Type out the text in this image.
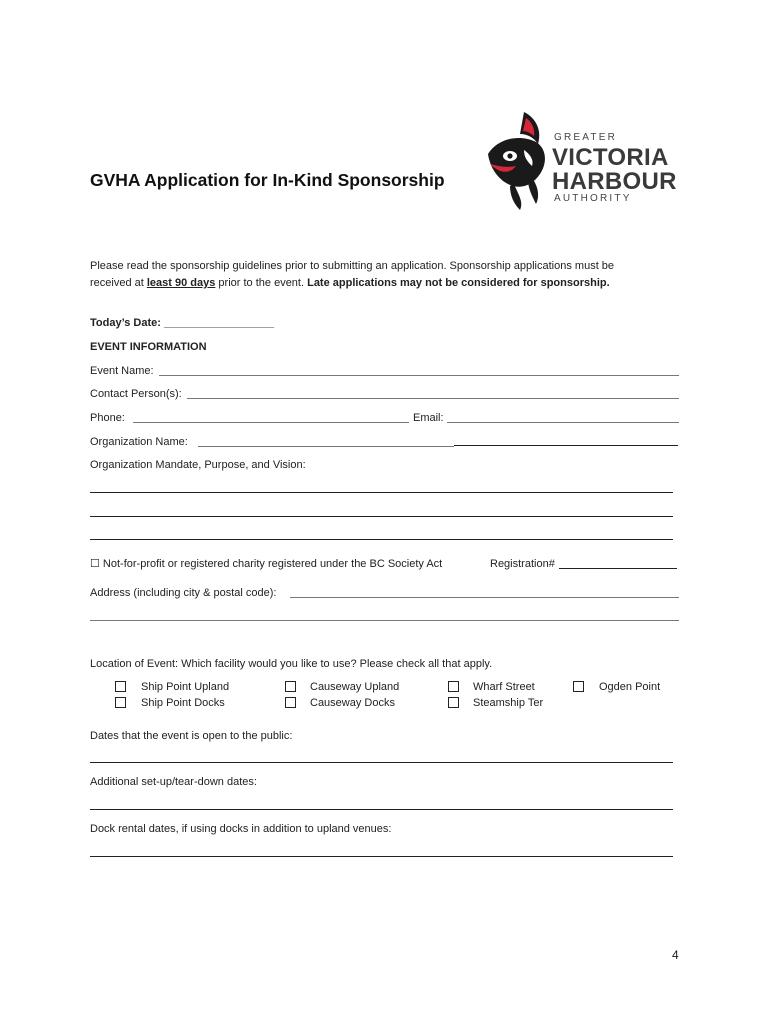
GVHA Application for In-Kind Sponsorship
GREATER
VICTORIA
HARBOUR
AUTHORITY
Please read the sponsorship guidelines prior to submitting an application. Sponsorship applications must be
received at least 90 days prior to the event. Late applications may not be considered for sponsorship.
Today’s Date: __________________
EVENT INFORMATION
Event Name:
Contact Person(s):
Phone:	Email:
Organization Name:
Organization Mandate, Purpose, and Vision:
☐ Not-for-profit or registered charity registered under the BC Society Act	Registration#
Address (including city & postal code):
Location of Event: Which facility would you like to use? Please check all that apply.
Ship Point Upland
Ship Point Docks
Causeway Upland
Causeway Docks
Wharf Street
Steamship Ter
Ogden Point
Dates that the event is open to the public:
Additional set-up/tear-down dates:
Dock rental dates, if using docks in addition to upland venues:
4
